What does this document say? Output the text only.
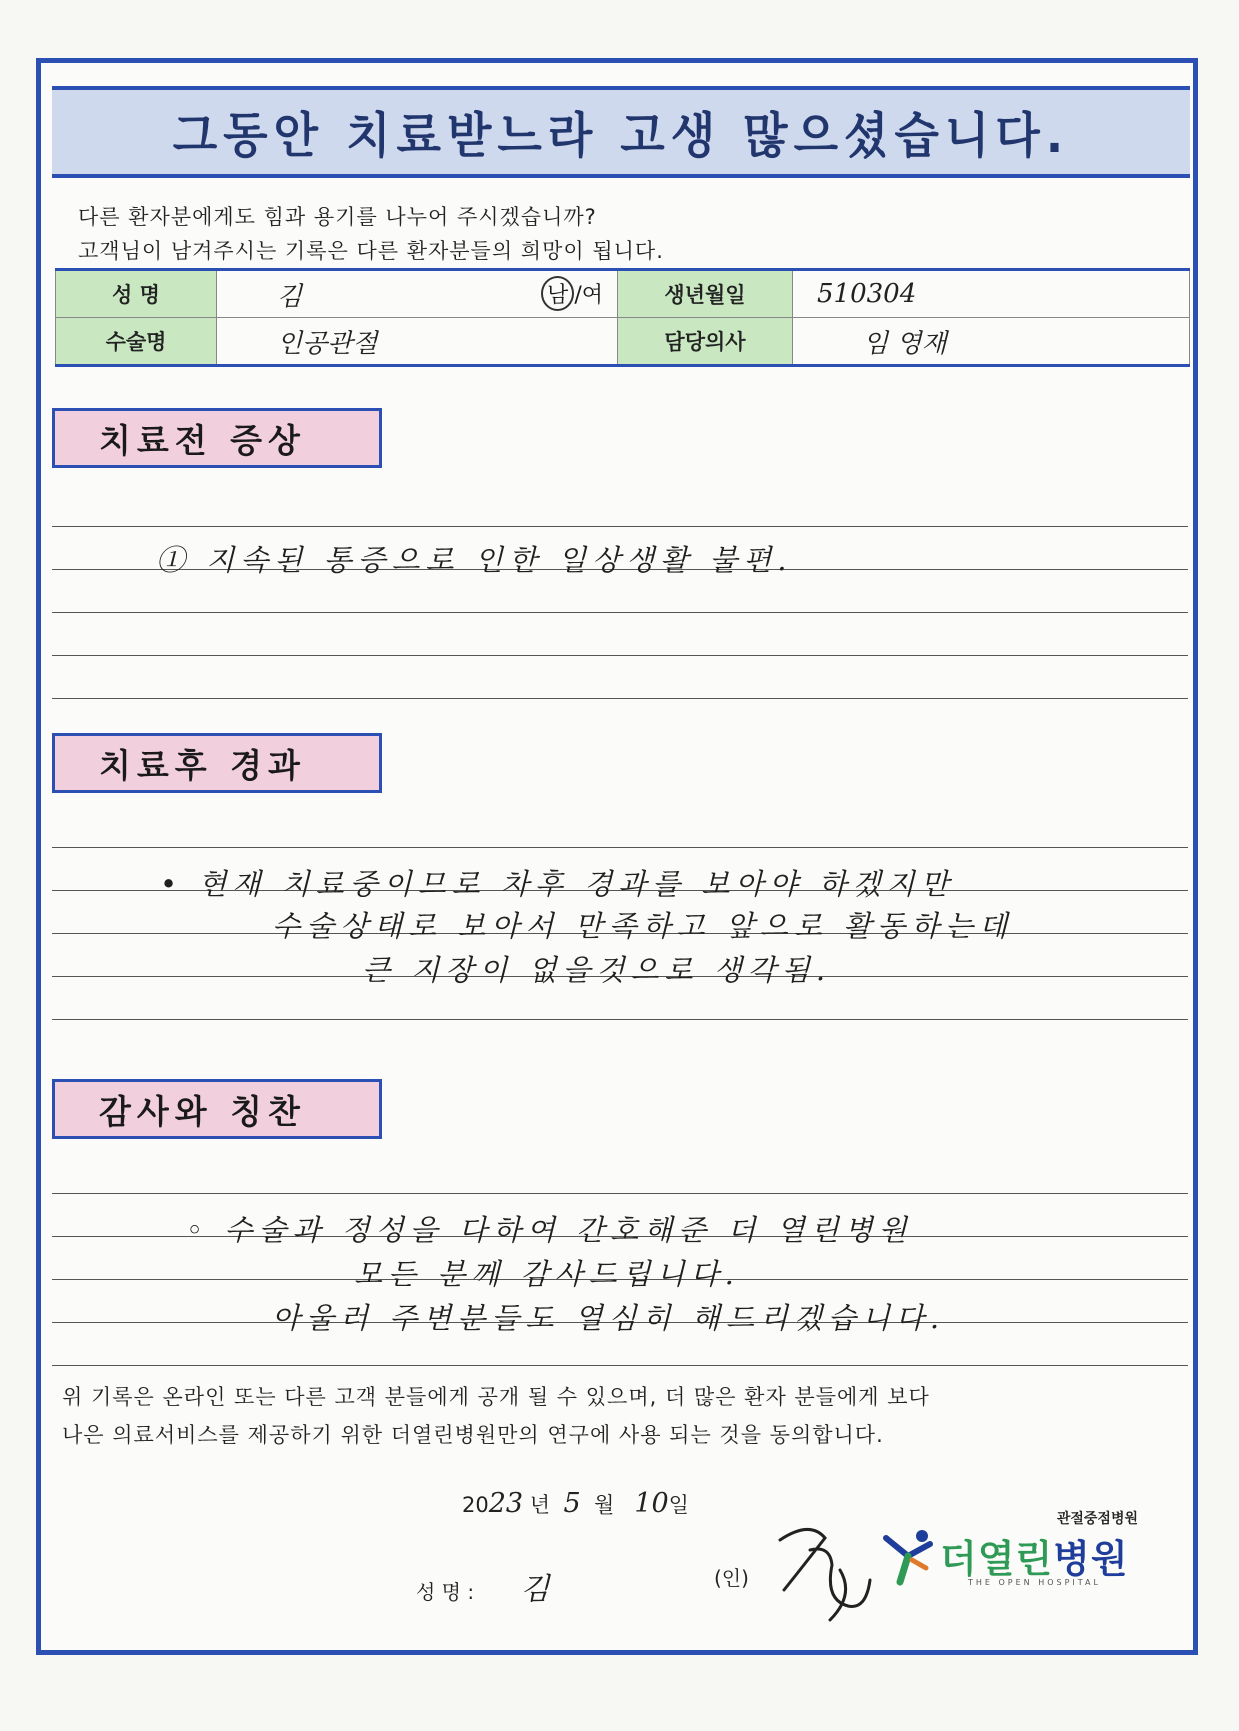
그동안 치료받느라 고생 많으셨습니다.
다른 환자분에게도 힘과 용기를 나누어 주시겠습니까?
고객님이 남겨주시는 기록은 다른 환자분들의 희망이 됩니다.
성 명	김 남 /여	생년월일	510304
수술명	인공관절	담당의사	임 영재
치료전 증상
① 지속된 통증으로 인한 일상생활 불편.
치료후 경과
• 현재 치료중이므로 차후 경과를 보아야 하겠지만
수술상태로 보아서 만족하고 앞으로 활동하는데
큰 지장이 없을것으로 생각됨.
감사와 칭찬
◦ 수술과 정성을 다하여 간호해준 더 열린병원
모든 분께 감사드립니다.
아울러 주변분들도 열심히 해드리겠습니다.
위 기록은 온라인 또는 다른 고객 분들에게 공개 될 수 있으며, 더 많은 환자 분들에게 보다
나은 의료서비스를 제공하기 위한 더열린병원만의 연구에 사용 되는 것을 동의합니다.
2023 년 5 월 10일
성 명 : 김	(인)
관절중점병원
더열린병원
THE OPEN HOSPITAL
